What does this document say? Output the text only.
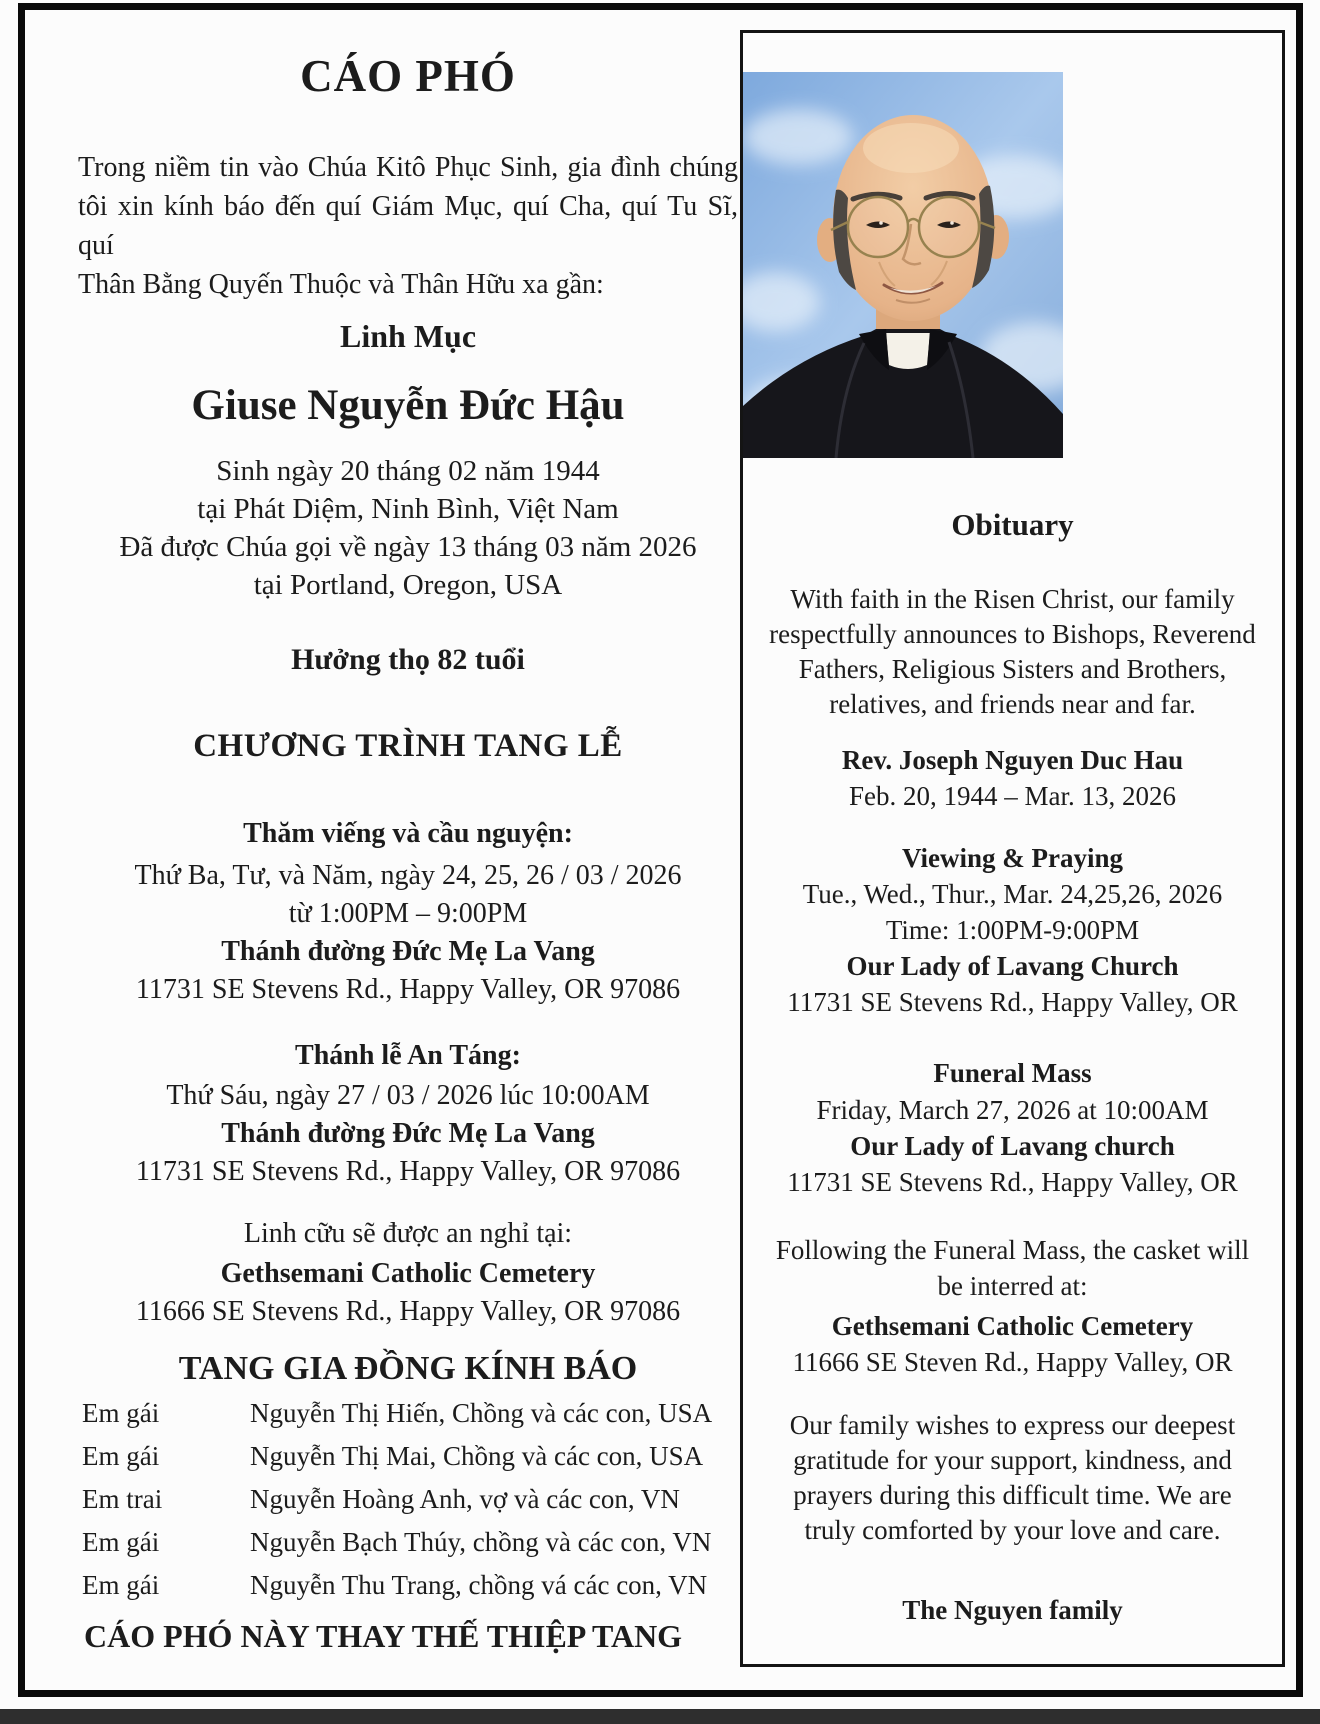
CÁO PHÓ
Trong niềm tin vào Chúa Kitô Phục Sinh, gia đình chúng
tôi xin kính báo đến quí Giám Mục, quí Cha, quí Tu Sĩ, quí
Thân Bằng Quyến Thuộc và Thân Hữu xa gần:
Linh Mục
Giuse Nguyễn Đức Hậu
Sinh ngày 20 tháng 02 năm 1944
tại Phát Diệm, Ninh Bình, Việt Nam
Đã được Chúa gọi về ngày 13 tháng 03 năm 2026
tại Portland, Oregon, USA
Hưởng thọ 82 tuổi
CHƯƠNG TRÌNH TANG LỄ
Thăm viếng và cầu nguyện:
Thứ Ba, Tư, và Năm, ngày 24, 25, 26 / 03 / 2026
từ 1:00PM – 9:00PM
Thánh đường Đức Mẹ La Vang
11731 SE Stevens Rd., Happy Valley, OR 97086
Thánh lễ An Táng:
Thứ Sáu, ngày 27 / 03 / 2026 lúc 10:00AM
Thánh đường Đức Mẹ La Vang
11731 SE Stevens Rd., Happy Valley, OR 97086
Linh cữu sẽ được an nghỉ tại:
Gethsemani Catholic Cemetery
11666 SE Stevens Rd., Happy Valley, OR 97086
TANG GIA ĐỒNG KÍNH BÁO
Em gái	Nguyễn Thị Hiến, Chồng và các con, USA
Em gái	Nguyễn Thị Mai, Chồng và các con, USA
Em trai	Nguyễn Hoàng Anh, vợ và các con, VN
Em gái	Nguyễn Bạch Thúy, chồng và các con, VN
Em gái	Nguyễn Thu Trang, chồng vá các con, VN
CÁO PHÓ NÀY THAY THẾ THIỆP TANG
Obituary
With faith in the Risen Christ, our family
respectfully announces to Bishops, Reverend
Fathers, Religious Sisters and Brothers,
relatives, and friends near and far.
Rev. Joseph Nguyen Duc Hau
Feb. 20, 1944 – Mar. 13, 2026
Viewing & Praying
Tue., Wed., Thur., Mar. 24,25,26, 2026
Time: 1:00PM-9:00PM
Our Lady of Lavang Church
11731 SE Stevens Rd., Happy Valley, OR
Funeral Mass
Friday, March 27, 2026 at 10:00AM
Our Lady of Lavang church
11731 SE Stevens Rd., Happy Valley, OR
Following the Funeral Mass, the casket will
be interred at:
Gethsemani Catholic Cemetery
11666 SE Steven Rd., Happy Valley, OR
Our family wishes to express our deepest
gratitude for your support, kindness, and
prayers during this difficult time. We are
truly comforted by your love and care.
The Nguyen family
